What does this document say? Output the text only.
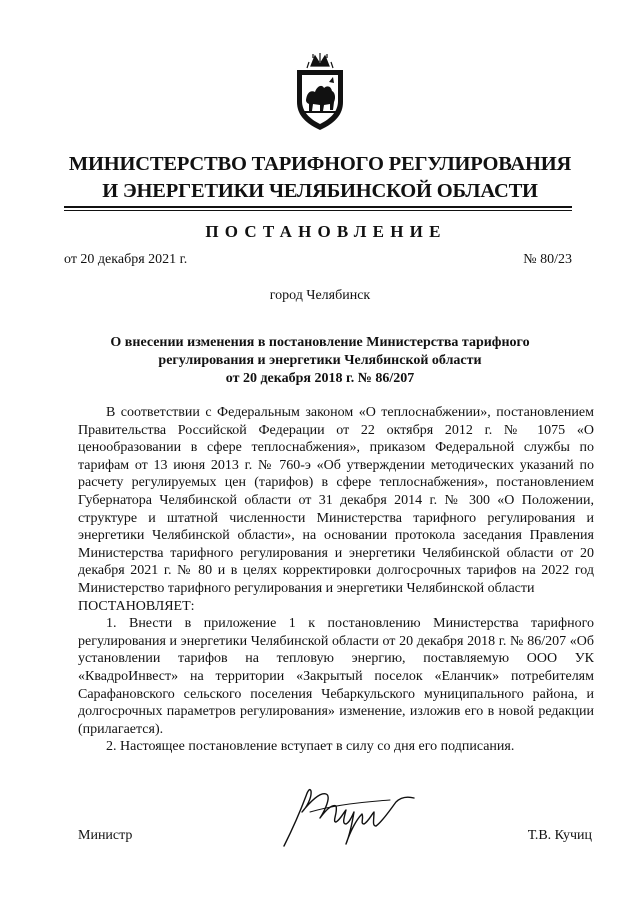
МИНИСТЕРСТВО ТАРИФНОГО РЕГУЛИРОВАНИЯ
И ЭНЕРГЕТИКИ ЧЕЛЯБИНСКОЙ ОБЛАСТИ
ПОСТАНОВЛЕНИЕ
от 20 декабря 2021 г.	№ 80/23
город Челябинск
О внесении изменения в постановление Министерства тарифного
регулирования и энергетики Челябинской области
от 20 декабря 2018 г. № 86/207

В соответствии с Федеральным законом «О теплоснабжении», постановлением Правительства Российской Федерации от 22 октября 2012 г. № 1075 «О ценообразовании в сфере теплоснабжения», приказом Федеральной службы по тарифам от 13 июня 2013 г. № 760-э «Об утверждении методических указаний по расчету регулируемых цен (тарифов) в сфере теплоснабжения», постановлением Губернатора Челябинской области от 31 декабря 2014 г. № 300 «О Положении, структуре и штатной численности Министерства тарифного регулирования и энергетики Челябинской области», на основании протокола заседания Правления Министерства тарифного регулирования и энергетики Челябинской области от 20 декабря 2021 г. № 80 и в целях корректировки долгосрочных тарифов на 2022 год Министерство тарифного регулирования и энергетики Челябинской области

ПОСТАНОВЛЯЕТ:

1. Внести в приложение 1 к постановлению Министерства тарифного регулирования и энергетики Челябинской области от 20 декабря 2018 г. № 86/207 «Об установлении тарифов на тепловую энергию, поставляемую ООО УК «КвадроИнвест» на территории «Закрытый поселок «Еланчик» потребителям Сарафановского сельского поселения Чебаркульского муниципального района, и долгосрочных параметров регулирования» изменение, изложив его в новой редакции (прилагается).

2. Настоящее постановление вступает в силу со дня его подписания.

Министр	Т.В. Кучиц
